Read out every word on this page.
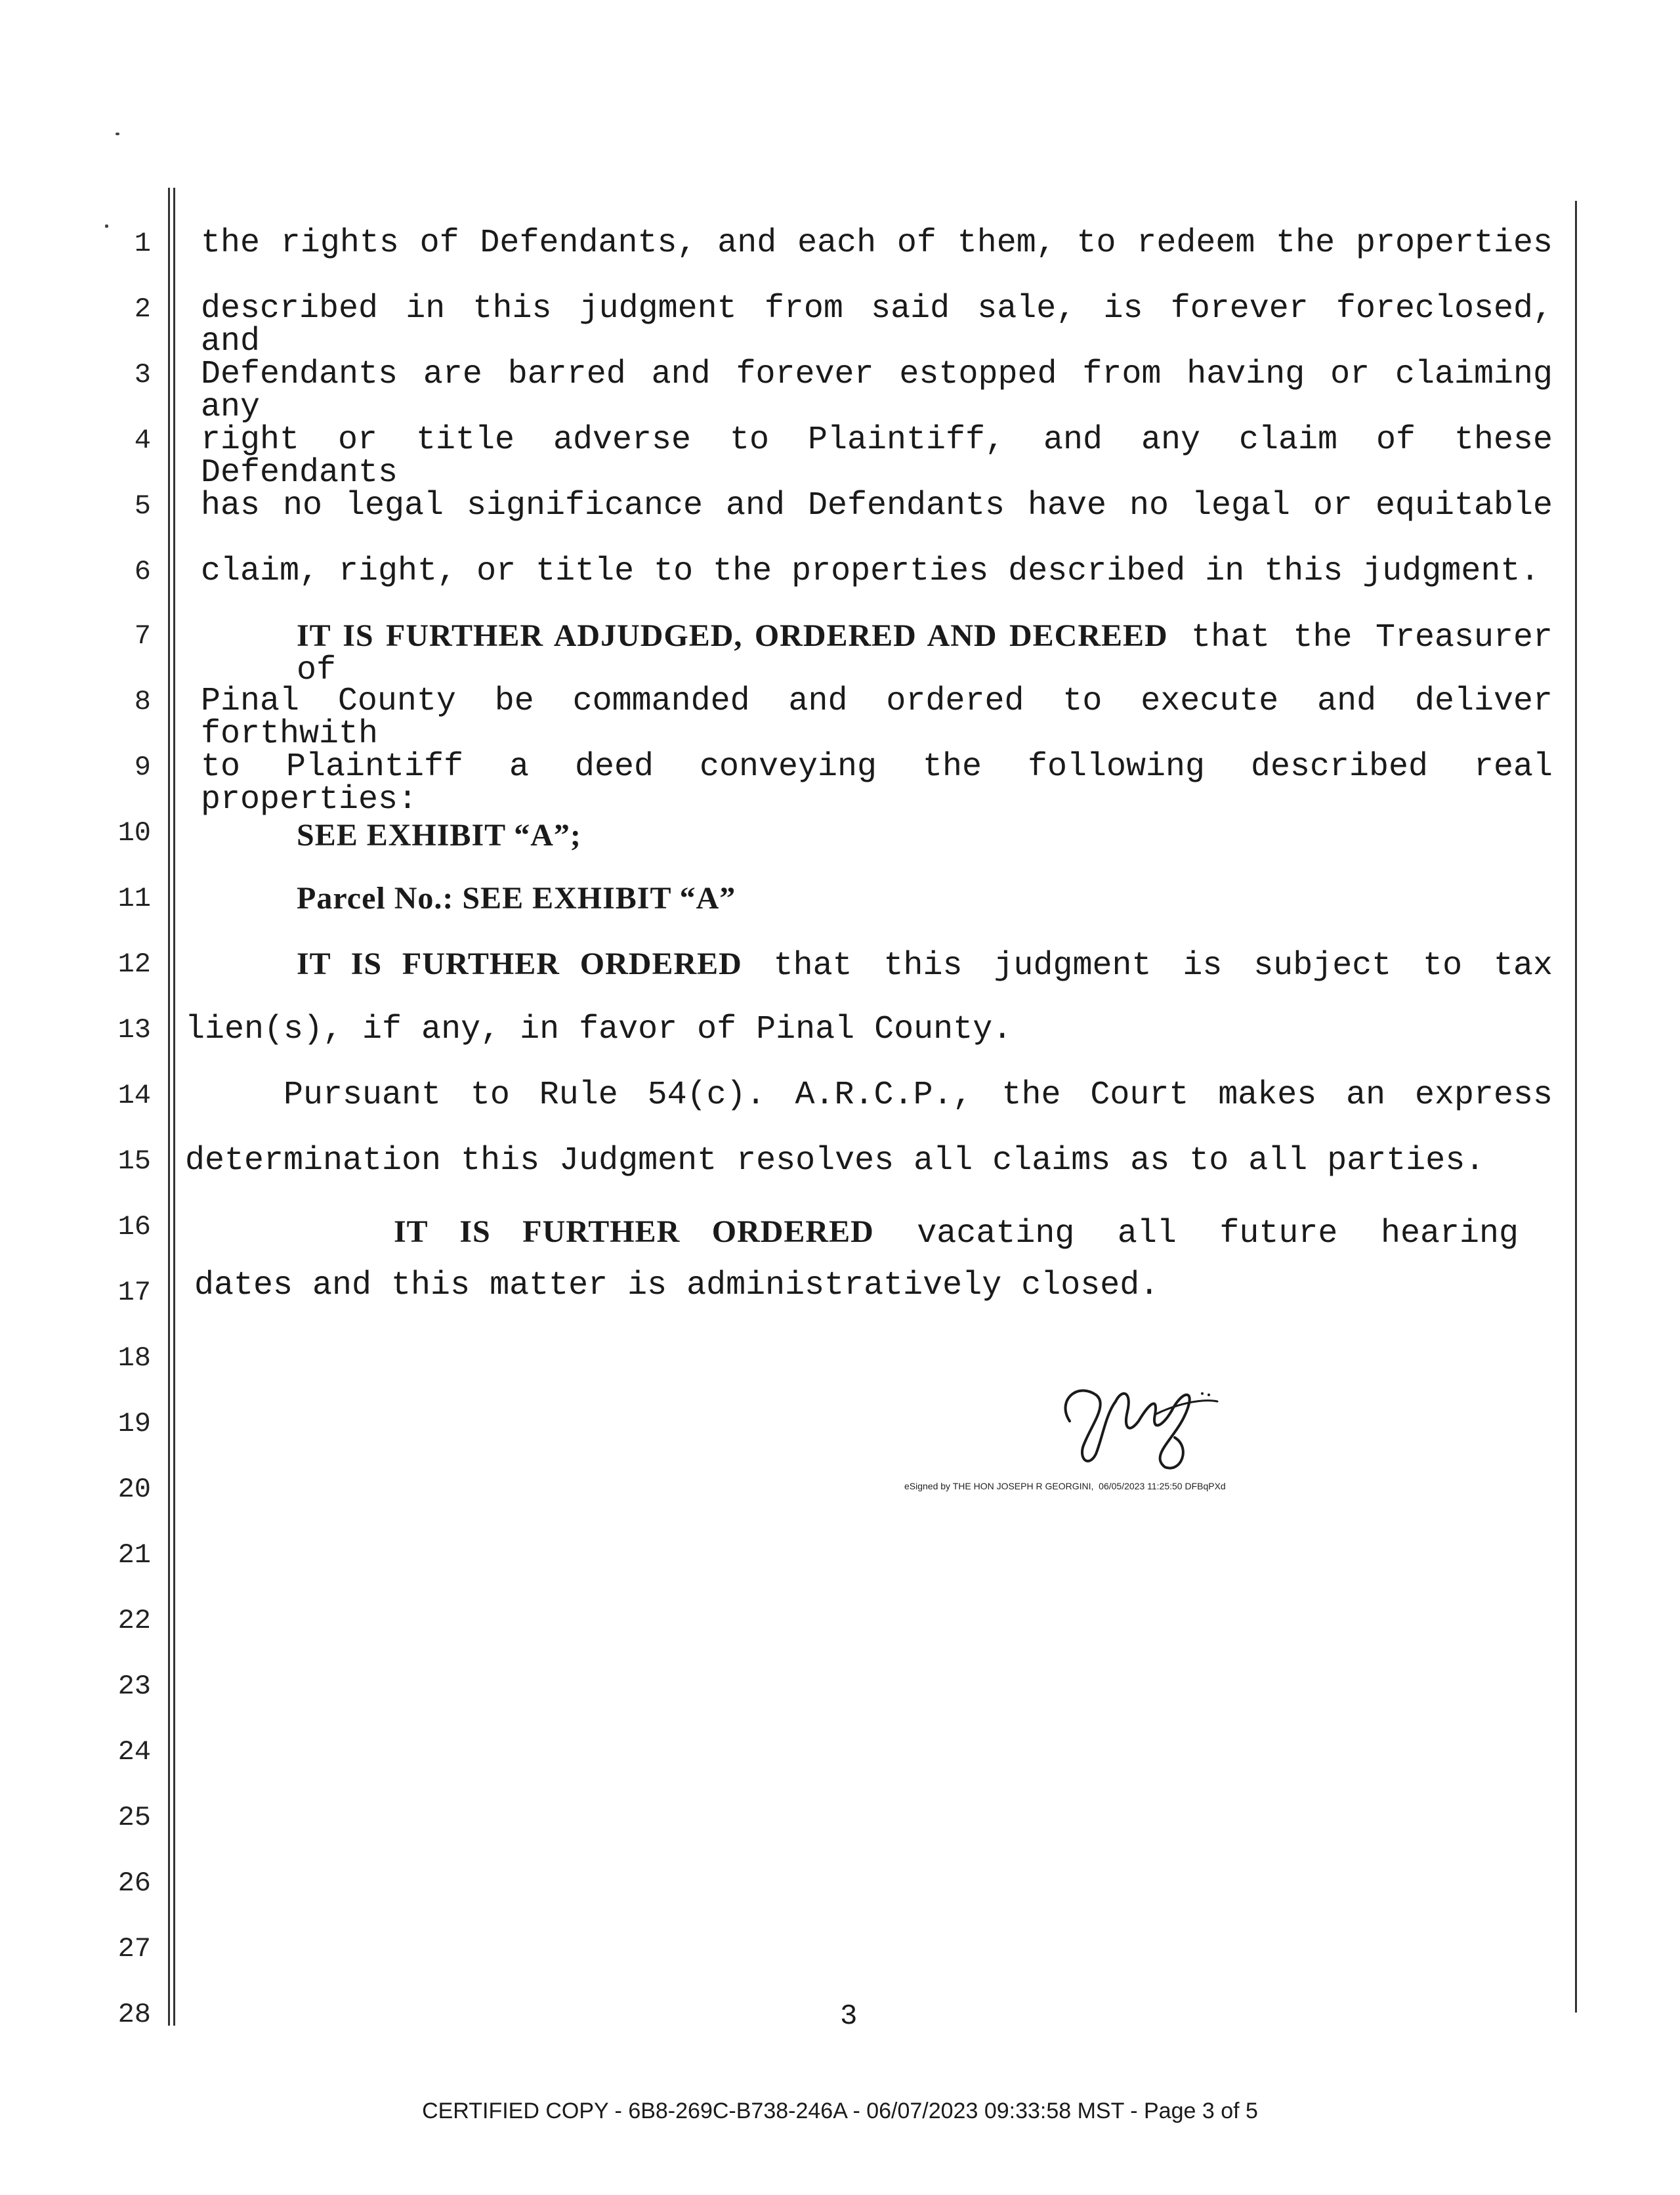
1
2
3
4
5
6
7
8
9
10
11
12
13
14
15
16
17
18
19
20
21
22
23
24
25
26
27
28
the rights of Defendants, and each of them, to redeem the properties
described in this judgment from said sale, is forever foreclosed, and
Defendants are barred and forever estopped from having or claiming any
right or title adverse to Plaintiff, and any claim of these Defendants
has no legal significance and Defendants have no legal or equitable
claim, right, or title to the properties described in this judgment.
IT IS FURTHER ADJUDGED, ORDERED AND DECREED that the Treasurer of
Pinal County be commanded and ordered to execute and deliver forthwith
to Plaintiff a deed conveying the following described real properties:
SEE EXHIBIT “A”;
Parcel No.: SEE EXHIBIT “A”
IT IS FURTHER ORDERED that this judgment is subject to tax
lien(s), if any, in favor of Pinal County.
Pursuant to Rule 54(c). A.R.C.P., the Court makes an express
determination this Judgment resolves all claims as to all parties.
IT IS FURTHER ORDERED vacating all future hearing
dates and this matter is administratively closed.
eSigned by THE HON JOSEPH R GEORGINI,  06/05/2023 11:25:50 DFBqPXd
3
CERTIFIED COPY - 6B8-269C-B738-246A - 06/07/2023 09:33:58 MST - Page 3 of 5
